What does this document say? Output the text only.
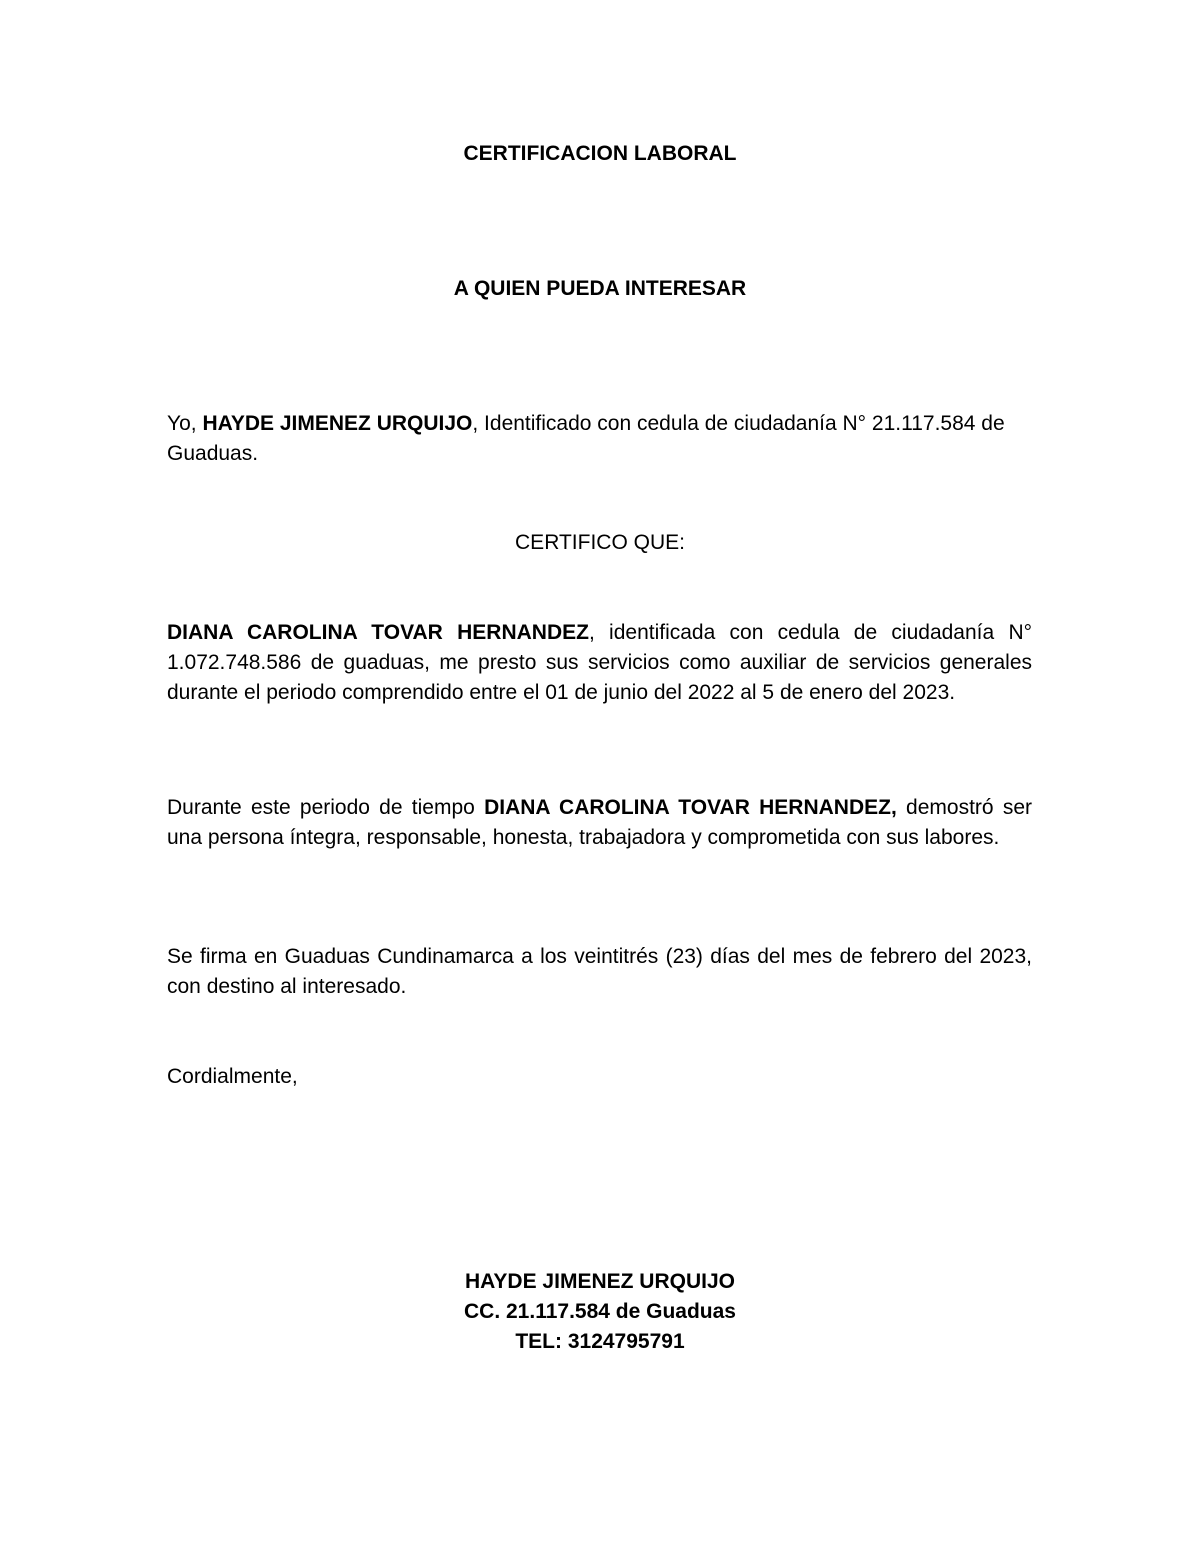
CERTIFICACION LABORAL
A QUIEN PUEDA INTERESAR

Yo, HAYDE JIMENEZ URQUIJO, Identificado con cedula de ciudadanía N° 21.117.584 de Guaduas.

CERTIFICO QUE:

DIANA CAROLINA TOVAR HERNANDEZ, identificada con cedula de ciudadanía N° 1.072.748.586 de guaduas, me presto sus servicios como auxiliar de servicios generales durante el periodo comprendido entre el 01 de junio del 2022 al 5 de enero del 2023.

Durante este periodo de tiempo DIANA CAROLINA TOVAR HERNANDEZ, demostró ser una persona íntegra, responsable, honesta, trabajadora y comprometida con sus labores.

Se firma en Guaduas Cundinamarca a los veintitrés (23) días del mes de febrero del 2023, con destino al interesado.

Cordialmente,

HAYDE JIMENEZ URQUIJO
CC. 21.117.584 de Guaduas
TEL: 3124795791
